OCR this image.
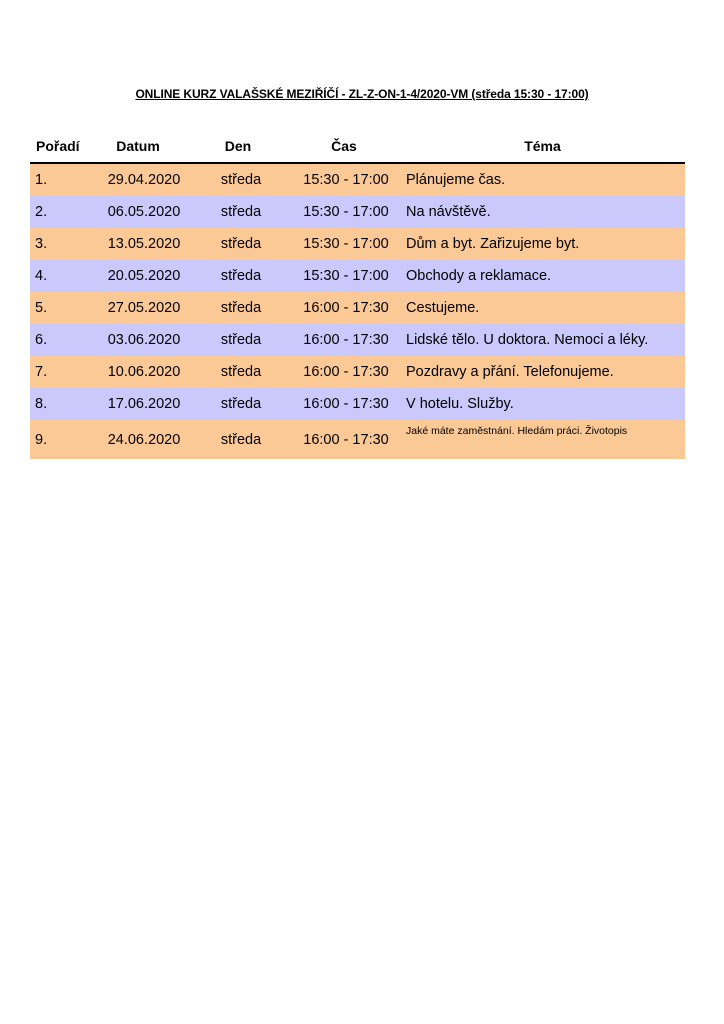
ONLINE KURZ VALAŠSKÉ MEZIŘÍČÍ - ZL-Z-ON-1-4/2020-VM (středa 15:30 - 17:00)
Pořadí	Datum	Den	Čas	Téma
1.	29.04.2020	středa	15:30 - 17:00	Plánujeme čas.
2.	06.05.2020	středa	15:30 - 17:00	Na návštěvě.
3.	13.05.2020	středa	15:30 - 17:00	Dům a byt. Zařizujeme byt.
4.	20.05.2020	středa	15:30 - 17:00	Obchody a reklamace.
5.	27.05.2020	středa	16:00 - 17:30	Cestujeme.
6.	03.06.2020	středa	16:00 - 17:30	Lidské tělo. U doktora. Nemoci a léky.
7.	10.06.2020	středa	16:00 - 17:30	Pozdravy a přání. Telefonujeme.
8.	17.06.2020	středa	16:00 - 17:30	V hotelu. Služby.
9.	24.06.2020	středa	16:00 - 17:30	Jaké máte zaměstnání. Hledám práci. Životopis
